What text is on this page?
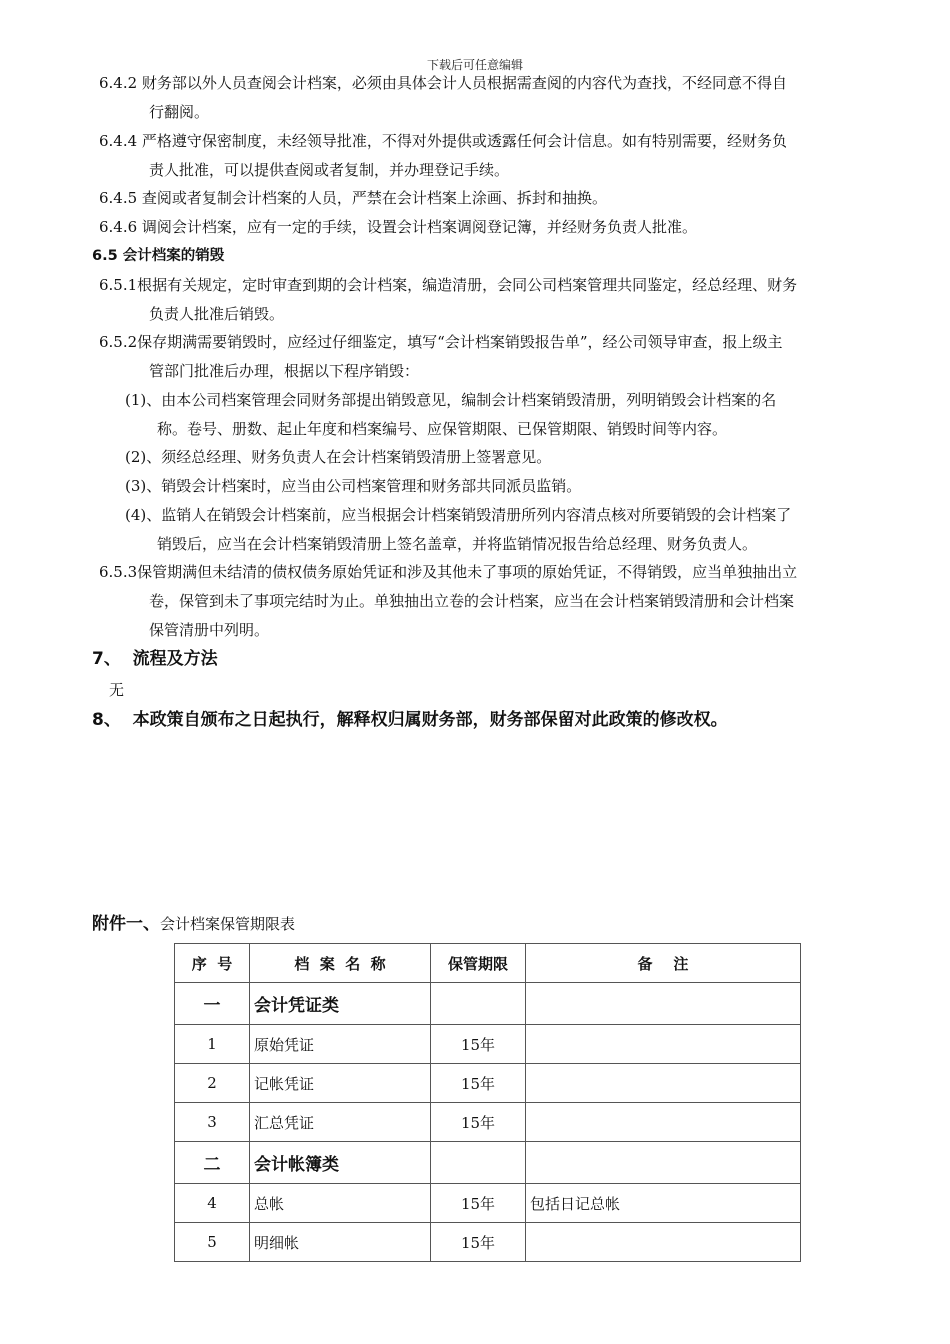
下载后可任意编辑
6.4.2 财务部以外人员查阅会计档案，必须由具体会计人员根据需查阅的内容代为查找，不经同意不得自
行翻阅。
6.4.4 严格遵守保密制度，未经领导批准，不得对外提供或透露任何会计信息。如有特别需要，经财务负
责人批准，可以提供查阅或者复制，并办理登记手续。
6.4.5 查阅或者复制会计档案的人员，严禁在会计档案上涂画、拆封和抽换。
6.4.6 调阅会计档案，应有一定的手续，设置会计档案调阅登记簿，并经财务负责人批准。
6.5 会计档案的销毁
6.5.1根据有关规定，定时审查到期的会计档案，编造清册，会同公司档案管理共同鉴定，经总经理、财务
负责人批准后销毁。
6.5.2保存期满需要销毁时，应经过仔细鉴定，填写“会计档案销毁报告单”，经公司领导审查，报上级主
管部门批准后办理，根据以下程序销毁：
(1)、由本公司档案管理会同财务部提出销毁意见，编制会计档案销毁清册，列明销毁会计档案的名
称。卷号、册数、起止年度和档案编号、应保管期限、已保管期限、销毁时间等内容。
(2)、须经总经理、财务负责人在会计档案销毁清册上签署意见。
(3)、销毁会计档案时，应当由公司档案管理和财务部共同派员监销。
(4)、监销人在销毁会计档案前，应当根据会计档案销毁清册所列内容清点核对所要销毁的会计档案了
销毁后，应当在会计档案销毁清册上签名盖章，并将监销情况报告给总经理、财务负责人。
6.5.3保管期满但未结清的债权债务原始凭证和涉及其他未了事项的原始凭证，不得销毁，应当单独抽出立
卷，保管到未了事项完结时为止。单独抽出立卷的会计档案，应当在会计档案销毁清册和会计档案
保管清册中列明。
7、  流程及方法
无
8、  本政策自颁布之日起执行，解释权归属财务部，财务部保留对此政策的修改权。
附件一、会计档案保管期限表
序  号	档  案  名  称	保管期限	备    注
一	会计凭证类		
1	原始凭证	15年	
2	记帐凭证	15年	
3	汇总凭证	15年	
二	会计帐簿类		
4	总帐	15年	包括日记总帐
5	明细帐	15年	
